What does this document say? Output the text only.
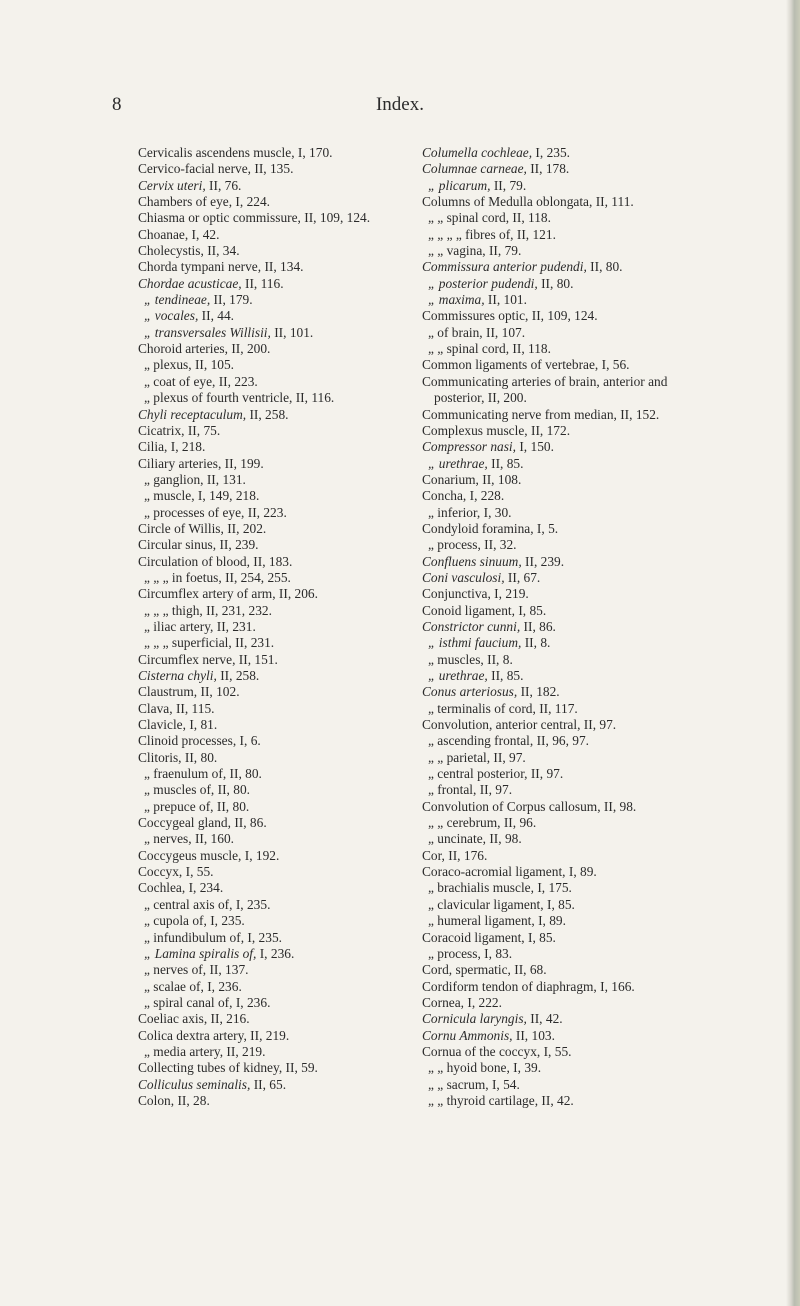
8	Index.
Cervicalis ascendens muscle, I, 170.
Cervico-facial nerve, II, 135.
Cervix uteri, II, 76.
Chambers of eye, I, 224.
Chiasma or optic commissure, II, 109, 124.
Choanae, I, 42.
Cholecystis, II, 34.
Chorda tympani nerve, II, 134.
Chordae acusticae, II, 116.
„ tendineae, II, 179.
„ vocales, II, 44.
„ transversales Willisii, II, 101.
Choroid arteries, II, 200.
„ plexus, II, 105.
„ coat of eye, II, 223.
„ plexus of fourth ventricle, II, 116.
Chyli receptaculum, II, 258.
Cicatrix, II, 75.
Cilia, I, 218.
Ciliary arteries, II, 199.
„ ganglion, II, 131.
„ muscle, I, 149, 218.
„ processes of eye, II, 223.
Circle of Willis, II, 202.
Circular sinus, II, 239.
Circulation of blood, II, 183.
„ „ „ in foetus, II, 254, 255.
Circumflex artery of arm, II, 206.
„ „ „ thigh, II, 231, 232.
„ iliac artery, II, 231.
„ „ „ superficial, II, 231.
Circumflex nerve, II, 151.
Cisterna chyli, II, 258.
Claustrum, II, 102.
Clava, II, 115.
Clavicle, I, 81.
Clinoid processes, I, 6.
Clitoris, II, 80.
„ fraenulum of, II, 80.
„ muscles of, II, 80.
„ prepuce of, II, 80.
Coccygeal gland, II, 86.
„ nerves, II, 160.
Coccygeus muscle, I, 192.
Coccyx, I, 55.
Cochlea, I, 234.
„ central axis of, I, 235.
„ cupola of, I, 235.
„ infundibulum of, I, 235.
„ Lamina spiralis of, I, 236.
„ nerves of, II, 137.
„ scalae of, I, 236.
„ spiral canal of, I, 236.
Coeliac axis, II, 216.
Colica dextra artery, II, 219.
„ media artery, II, 219.
Collecting tubes of kidney, II, 59.
Colliculus seminalis, II, 65.
Colon, II, 28.
Columella cochleae, I, 235.
Columnae carneae, II, 178.
„ plicarum, II, 79.
Columns of Medulla oblongata, II, 111.
„ „ spinal cord, II, 118.
„ „ „ „ fibres of, II, 121.
„ „ vagina, II, 79.
Commissura anterior pudendi, II, 80.
„ posterior pudendi, II, 80.
„ maxima, II, 101.
Commissures optic, II, 109, 124.
„ of brain, II, 107.
„ „ spinal cord, II, 118.
Common ligaments of vertebrae, I, 56.
Communicating arteries of brain, anterior and posterior, II, 200.
Communicating nerve from median, II, 152.
Complexus muscle, II, 172.
Compressor nasi, I, 150.
„ urethrae, II, 85.
Conarium, II, 108.
Concha, I, 228.
„ inferior, I, 30.
Condyloid foramina, I, 5.
„ process, II, 32.
Confluens sinuum, II, 239.
Coni vasculosi, II, 67.
Conjunctiva, I, 219.
Conoid ligament, I, 85.
Constrictor cunni, II, 86.
„ isthmi faucium, II, 8.
„ muscles, II, 8.
„ urethrae, II, 85.
Conus arteriosus, II, 182.
„ terminalis of cord, II, 117.
Convolution, anterior central, II, 97.
„ ascending frontal, II, 96, 97.
„ „ parietal, II, 97.
„ central posterior, II, 97.
„ frontal, II, 97.
Convolution of Corpus callosum, II, 98.
„ „ cerebrum, II, 96.
„ uncinate, II, 98.
Cor, II, 176.
Coraco-acromial ligament, I, 89.
„ brachialis muscle, I, 175.
„ clavicular ligament, I, 85.
„ humeral ligament, I, 89.
Coracoid ligament, I, 85.
„ process, I, 83.
Cord, spermatic, II, 68.
Cordiform tendon of diaphragm, I, 166.
Cornea, I, 222.
Cornicula laryngis, II, 42.
Cornu Ammonis, II, 103.
Cornua of the coccyx, I, 55.
„ „ hyoid bone, I, 39.
„ „ sacrum, I, 54.
„ „ thyroid cartilage, II, 42.
